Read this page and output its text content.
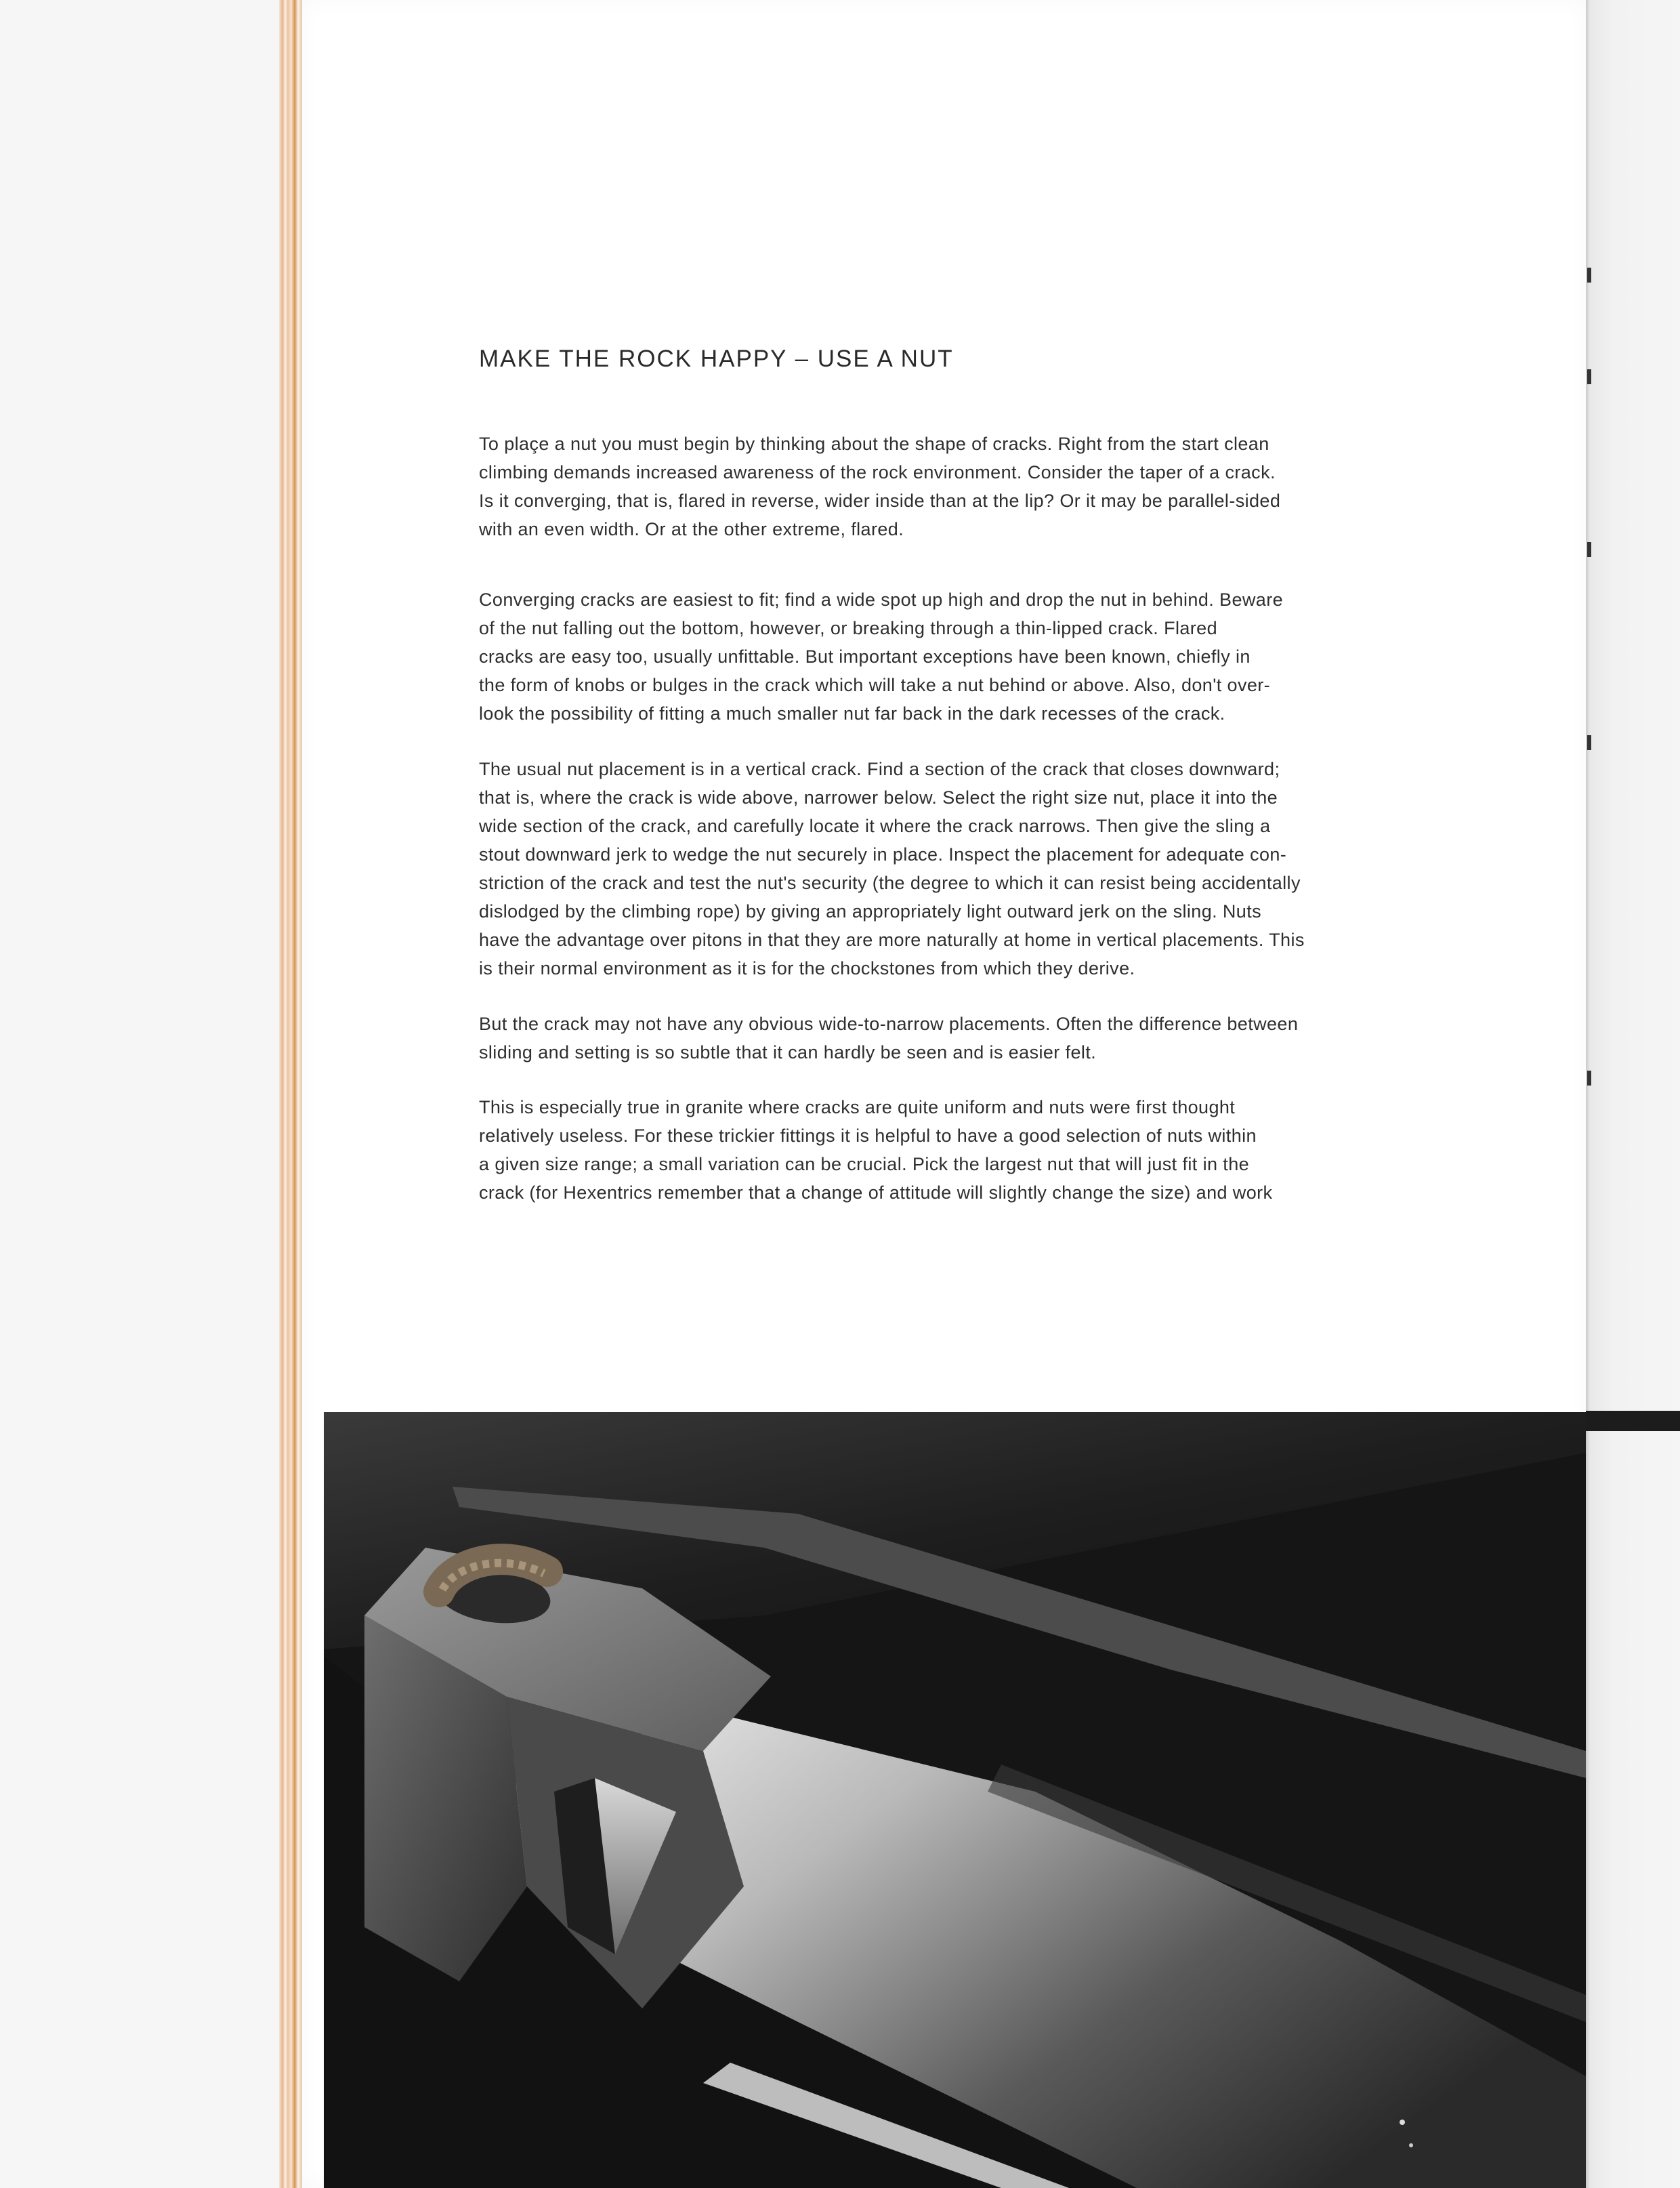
MAKE THE ROCK HAPPY – USE A NUT
To plaçe a nut you must begin by thinking about the shape of cracks. Right from the start clean
climbing demands increased awareness of the rock environment. Consider the taper of a crack.
Is it converging, that is, flared in reverse, wider inside than at the lip? Or it may be parallel-sided
with an even width. Or at the other extreme, flared.
Converging cracks are easiest to fit; find a wide spot up high and drop the nut in behind. Beware
of the nut falling out the bottom, however, or breaking through a thin-lipped crack. Flared
cracks are easy too, usually unfittable. But important exceptions have been known, chiefly in
the form of knobs or bulges in the crack which will take a nut behind or above. Also, don't over-
look the possibility of fitting a much smaller nut far back in the dark recesses of the crack.
The usual nut placement is in a vertical crack. Find a section of the crack that closes downward;
that is, where the crack is wide above, narrower below. Select the right size nut, place it into the
wide section of the crack, and carefully locate it where the crack narrows. Then give the sling a
stout downward jerk to wedge the nut securely in place. Inspect the placement for adequate con-
striction of the crack and test the nut's security (the degree to which it can resist being accidentally
dislodged by the climbing rope) by giving an appropriately light outward jerk on the sling. Nuts
have the advantage over pitons in that they are more naturally at home in vertical placements. This
is their normal environment as it is for the chockstones from which they derive.
But the crack may not have any obvious wide-to-narrow placements. Often the difference between
sliding and setting is so subtle that it can hardly be seen and is easier felt.
This is especially true in granite where cracks are quite uniform and nuts were first thought
relatively useless. For these trickier fittings it is helpful to have a good selection of nuts within
a given size range; a small variation can be crucial. Pick the largest nut that will just fit in the
crack (for Hexentrics remember that a change of attitude will slightly change the size) and work
